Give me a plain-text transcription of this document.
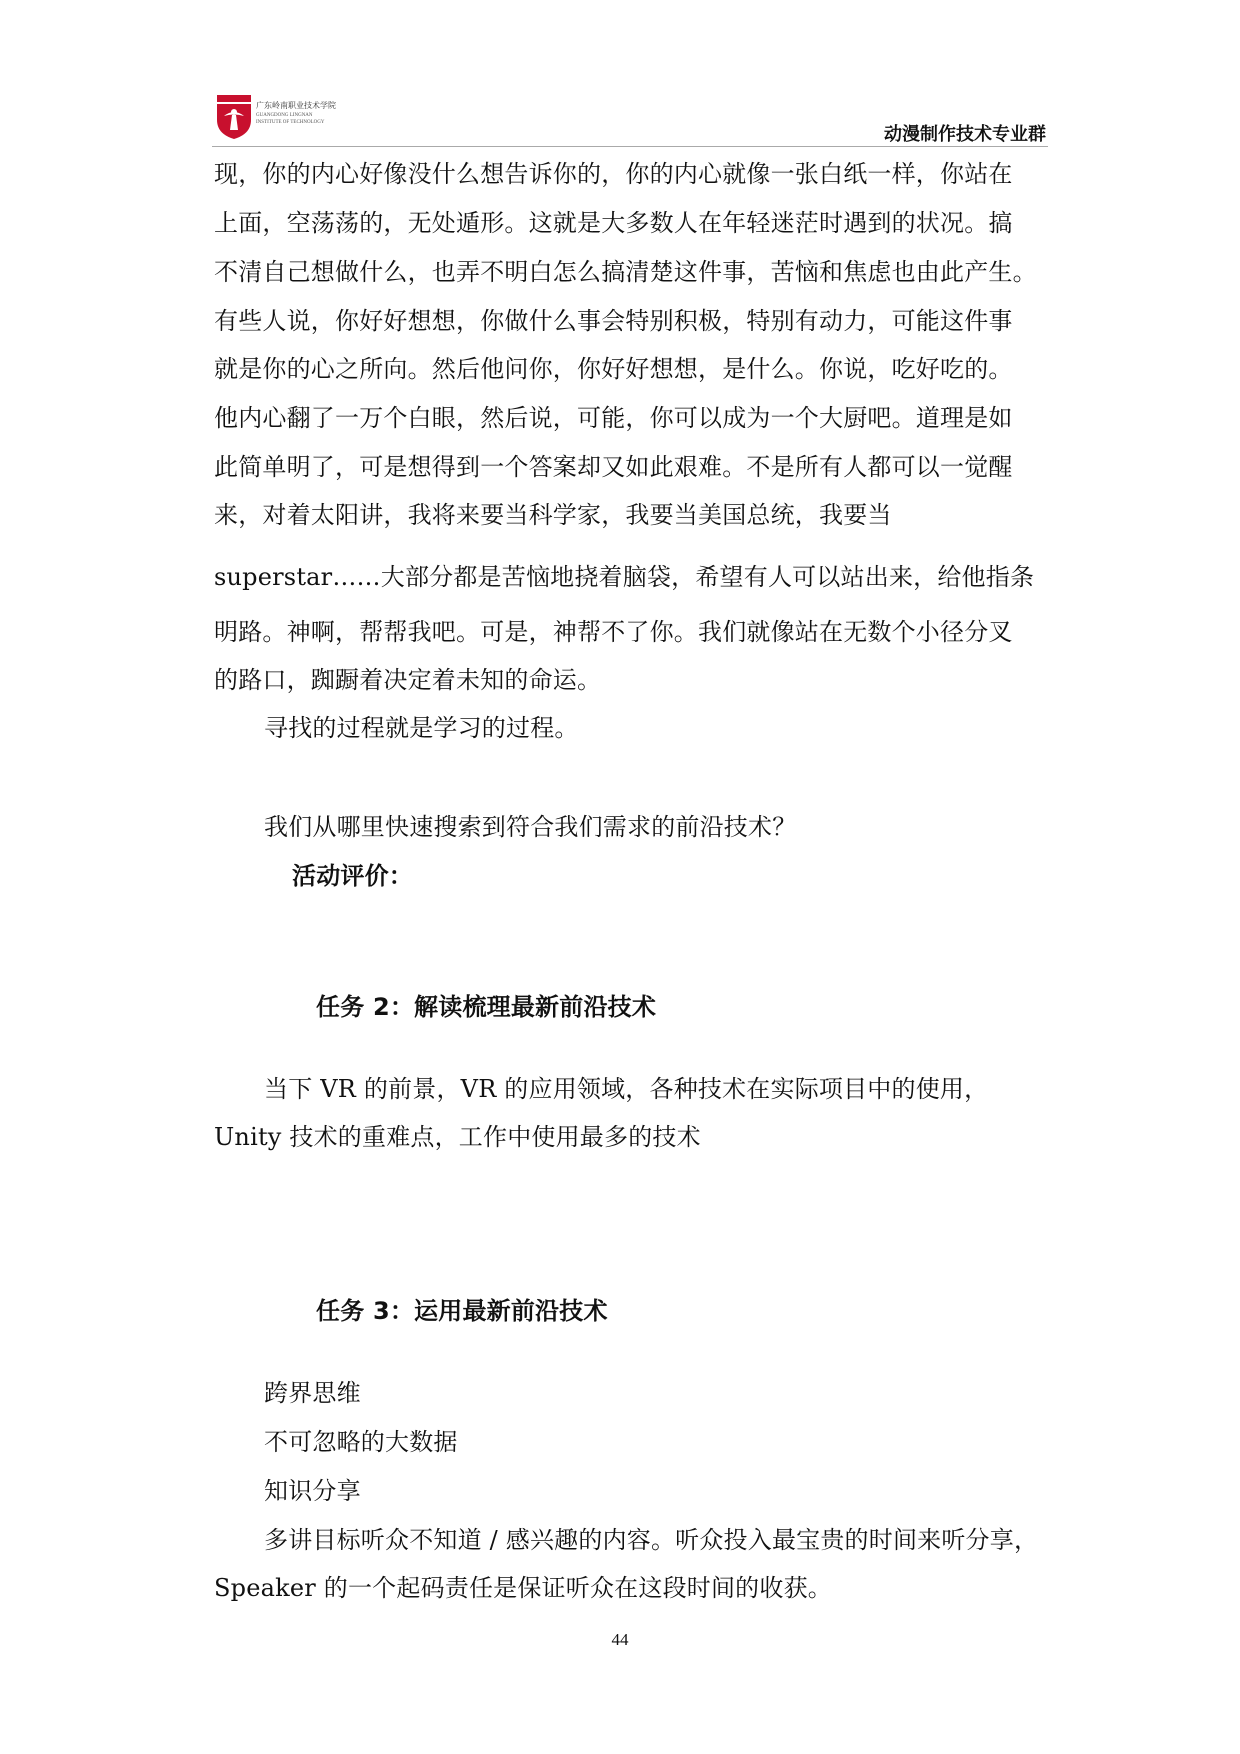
广东岭南职业技术学院
GUANGDONG LINGNAN
INSTITUTE OF TECHNOLOGY
动漫制作技术专业群
现，你的内心好像没什么想告诉你的，你的内心就像一张白纸一样，你站在
上面，空荡荡的，无处遁形。这就是大多数人在年轻迷茫时遇到的状况。搞
不清自己想做什么，也弄不明白怎么搞清楚这件事，苦恼和焦虑也由此产生。
有些人说，你好好想想，你做什么事会特别积极，特别有动力，可能这件事
就是你的心之所向。然后他问你，你好好想想，是什么。你说，吃好吃的。
他内心翻了一万个白眼，然后说，可能，你可以成为一个大厨吧。道理是如
此简单明了，可是想得到一个答案却又如此艰难。不是所有人都可以一觉醒
来，对着太阳讲，我将来要当科学家，我要当美国总统，我要当
superstar……大部分都是苦恼地挠着脑袋，希望有人可以站出来，给他指条
明路。神啊，帮帮我吧。可是，神帮不了你。我们就像站在无数个小径分叉
的路口，踟蹰着决定着未知的命运。
寻找的过程就是学习的过程。
我们从哪里快速搜索到符合我们需求的前沿技术？
活动评价：
任务 2：解读梳理最新前沿技术
当下 VR 的前景，VR 的应用领域，各种技术在实际项目中的使用，
Unity 技术的重难点，工作中使用最多的技术
任务 3：运用最新前沿技术
跨界思维
不可忽略的大数据
知识分享
多讲目标听众不知道 / 感兴趣的内容。听众投入最宝贵的时间来听分享，
Speaker 的一个起码责任是保证听众在这段时间的收获。
44
